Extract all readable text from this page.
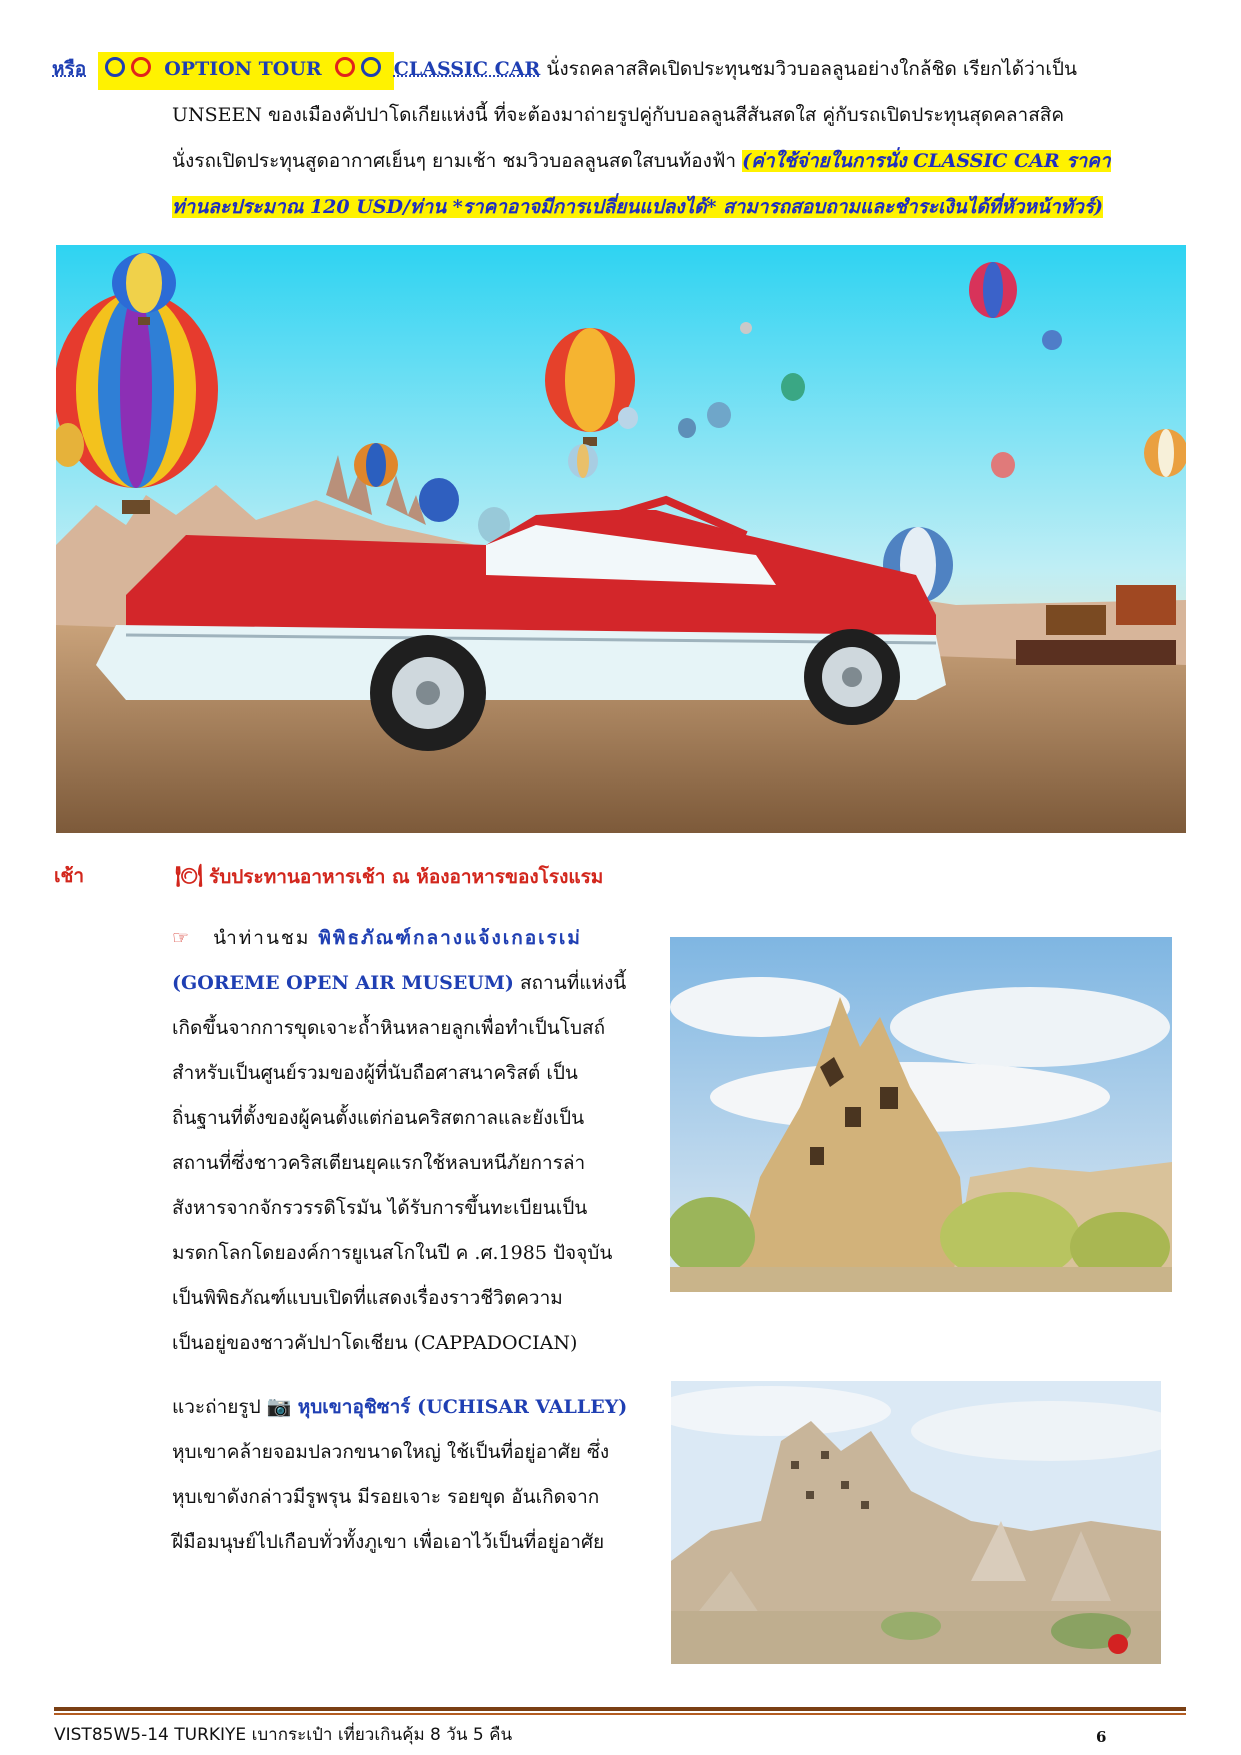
หรือ	OPTION TOUR	CLASSIC CAR นั่งรถคลาสสิคเปิดประทุนชมวิวบอลลูนอย่างใกล้ชิด เรียกได้ว่าเป็น
UNSEEN ของเมืองคัปปาโดเกียแห่งนี้ ที่จะต้องมาถ่ายรูปคู่กับบอลลูนสีสันสดใส คู่กับรถเปิดประทุนสุดคลาสสิค
นั่งรถเปิดประทุนสูดอากาศเย็นๆ ยามเช้า ชมวิวบอลลูนสดใสบนท้องฟ้า (ค่าใช้จ่ายในการนั่ง CLASSIC CAR ราคา
ท่านละประมาณ 120 USD/ท่าน *ราคาอาจมีการเปลี่ยนแปลงได้* สามารถสอบถามและชำระเงินได้ที่หัวหน้าทัวร์)
เช้า	🍽 รับประทานอาหารเช้า ณ ห้องอาหารของโรงแรม
☞ นำท่านชม พิพิธภัณฑ์กลางแจ้งเกอเรเม่
(GOREME OPEN AIR MUSEUM) สถานที่แห่งนี้
เกิดขึ้นจากการขุดเจาะถ้ำหินหลายลูกเพื่อทำเป็นโบสถ์
สำหรับเป็นศูนย์รวมของผู้ที่นับถือศาสนาคริสต์ เป็น
ถิ่นฐานที่ตั้งของผู้คนตั้งแต่ก่อนคริสตกาลและยังเป็น
สถานที่ซึ่งชาวคริสเตียนยุคแรกใช้หลบหนีภัยการล่า
สังหารจากจักรวรรดิโรมัน ได้รับการขึ้นทะเบียนเป็น
มรดกโลกโดยองค์การยูเนสโกในปี ค .ศ.1985 ปัจจุบัน
เป็นพิพิธภัณฑ์แบบเปิดที่แสดงเรื่องราวชีวิตความ
เป็นอยู่ของชาวคัปปาโดเชียน (CAPPADOCIAN)
แวะถ่ายรูป 📷 หุบเขาอุชิซาร์ (UCHISAR VALLEY)
หุบเขาคล้ายจอมปลวกขนาดใหญ่ ใช้เป็นที่อยู่อาศัย ซึ่ง
หุบเขาดังกล่าวมีรูพรุน มีรอยเจาะ รอยขุด อันเกิดจาก
ฝีมือมนุษย์ไปเกือบทั่วทั้งภูเขา เพื่อเอาไว้เป็นที่อยู่อาศัย
VIST85W5-14 TURKIYE เบากระเป๋า เที่ยวเกินคุ้ม 8 วัน 5 คืน	6
